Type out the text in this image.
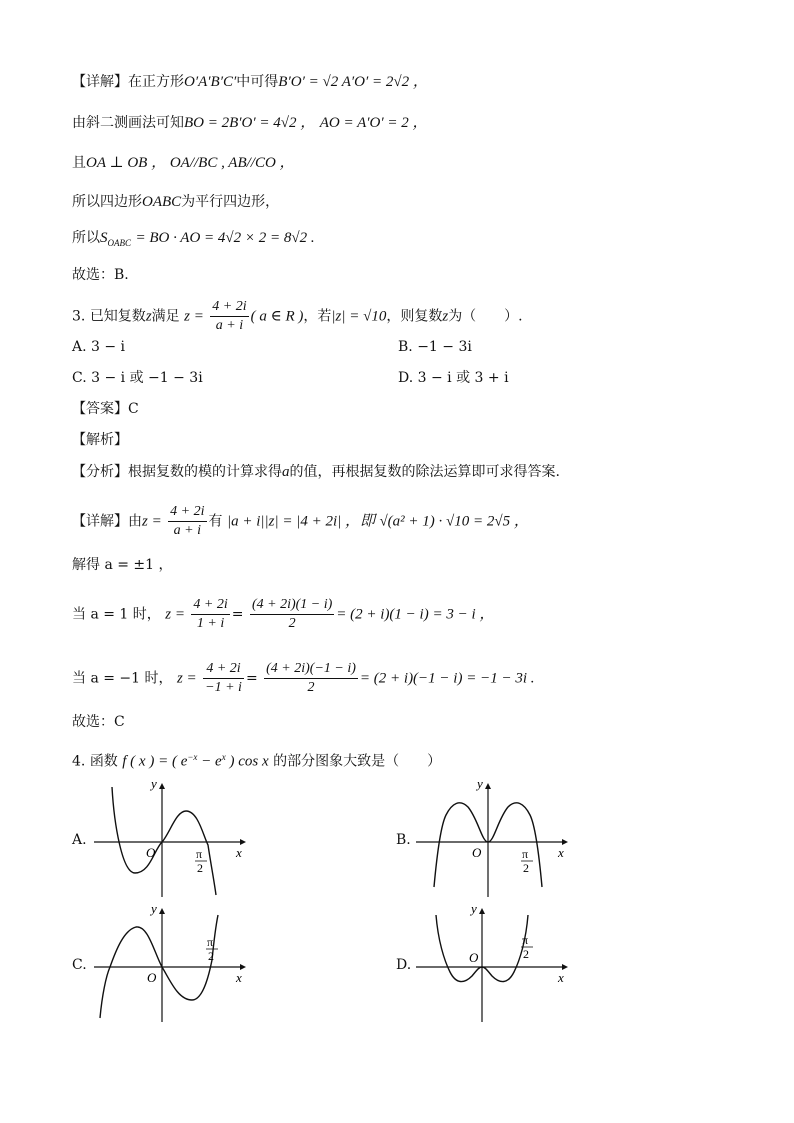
【详解】在正方形O′A′B′C′中可得B′O′ = √2 A′O′ = 2√2 ，
由斜二测画法可知BO = 2B′O′ = 4√2 ， AO = A′O′ = 2 ，
且OA ⊥ OB ， OA//BC , AB//CO ，
所以四边形OABC为平行四边形，
所以$S_{OABC}$ = BO · AO = 4√2 × 2 = 8√2 .
故选：B.
3. 已知复数z满足 $z = \frac{4 + 2i}{a + i}$ ( a ∈ R )，若|z| = √10，则复数z为（　　）.
A. 3 − i	B. −1 − 3i
C. 3 − i 或 −1 − 3i	D. 3 − i 或 3 + i
【答案】C
【解析】
【分析】根据复数的模的计算求得a的值，再根据复数的除法运算即可求得答案.
【详解】由$z = \frac{4 + 2i}{a + i}$ 有 |a + i||z| = |4 + 2i| ，即 √(a² + 1) · √10 = 2√5 ，
解得 a = ±1 ，
当 a = 1 时， $z = \frac{4 + 2i}{1 + i} = \frac{(4 + 2i)(1 - i)}{2} = (2 + i)(1 - i) = 3 - i$ ，
当 a = −1 时， $z = \frac{4 + 2i}{-1 + i} = \frac{(4 + 2i)(-1 - i)}{2} = (2 + i)(-1 - i) = -1 - 3i$ .
故选：C
4. 函数 f ( x ) = ( $e^{-x} - e^x$ ) cos x 的部分图象大致是（　　）
A.	B.
C.	D.
y
x
O	π
2
y
x
O	π
2
y
x
O
π
2
y
x
O
π
2
